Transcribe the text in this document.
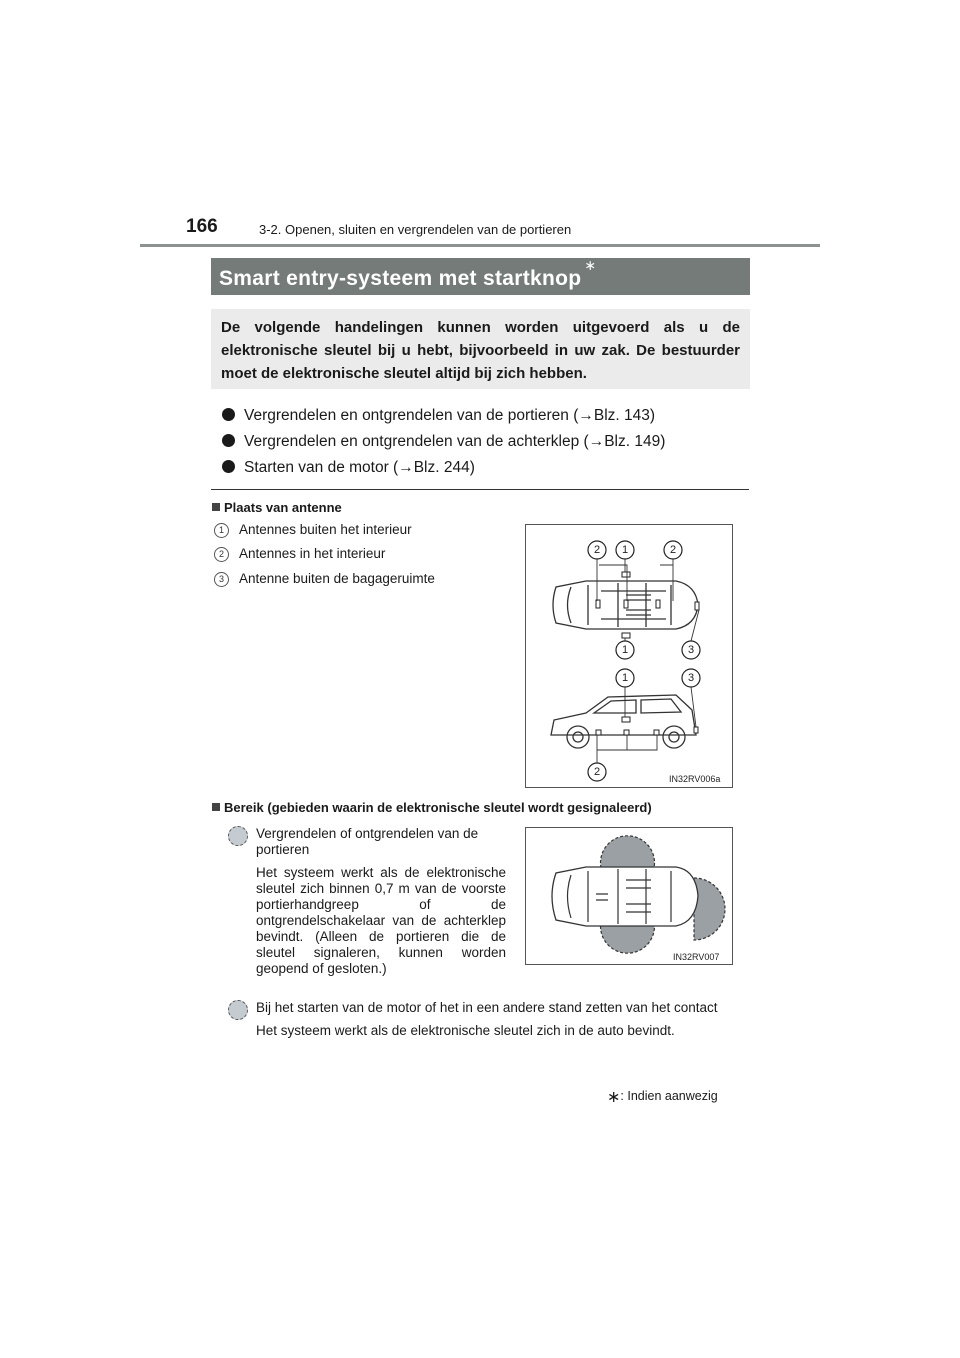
166	3-2. Openen, sluiten en vergrendelen van de portieren
Smart entry-systeem met startknop∗

De volgende handelingen kunnen worden uitgevoerd als u de elektronische sleutel bij u hebt, bijvoorbeeld in uw zak. De bestuurder moet de elektronische sleutel altijd bij zich hebben.

Vergrendelen en ontgrendelen van de portieren (→Blz. 143)
Vergrendelen en ontgrendelen van de achterklep (→Blz. 149)
Starten van de motor (→Blz. 244)
Plaats van antenne
1 Antennes buiten het interieur
2 Antennes in het interieur
3 Antenne buiten de bagageruimte
2	1	2
1	3
1	3
2
IN32RV006a
Bereik (gebieden waarin de elektronische sleutel wordt gesignaleerd)
Vergrendelen of ontgrendelen van de portieren
Het systeem werkt als de elektronische sleutel zich binnen 0,7 m van de voorste portierhandgreep of de ontgrendelschakelaar van de achterklep bevindt. (Alleen de portieren die de sleutel signaleren, kunnen worden geopend of gesloten.)
IN32RV007
Bij het starten van de motor of het in een andere stand zetten van het contact
Het systeem werkt als de elektronische sleutel zich in de auto bevindt.
∗: Indien aanwezig
